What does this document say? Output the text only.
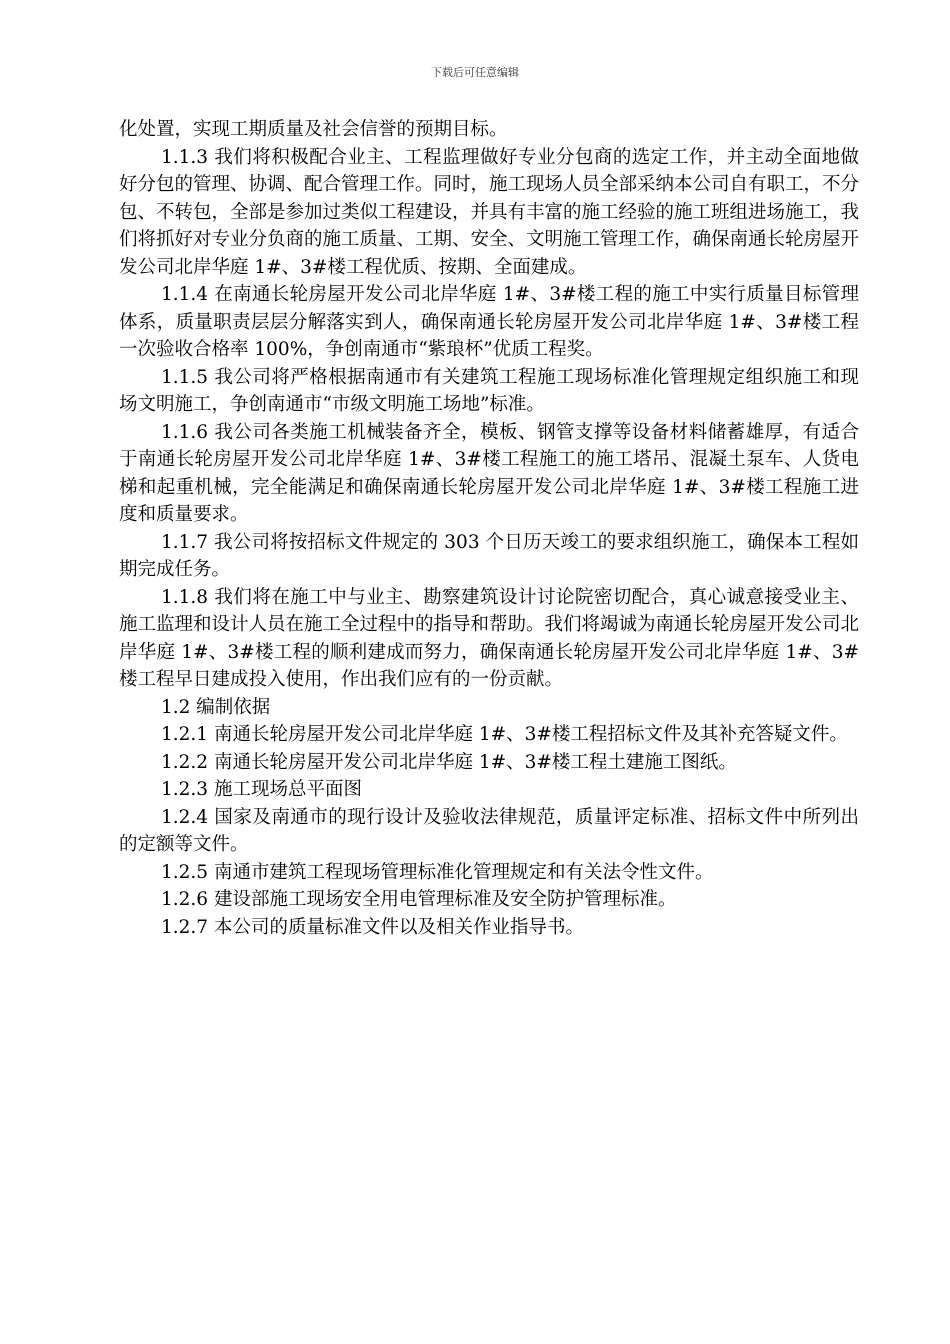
下载后可任意编辑

化处置，实现工期质量及社会信誉的预期目标。

1.1.3 我们将积极配合业主、工程监理做好专业分包商的选定工作，并主动全面地做好分包的管理、协调、配合管理工作。同时，施工现场人员全部采纳本公司自有职工，不分包、不转包，全部是参加过类似工程建设，并具有丰富的施工经验的施工班组进场施工，我们将抓好对专业分负商的施工质量、工期、安全、文明施工管理工作，确保南通长轮房屋开发公司北岸华庭 1#、3#楼工程优质、按期、全面建成。

1.1.4 在南通长轮房屋开发公司北岸华庭 1#、3#楼工程的施工中实行质量目标管理体系，质量职责层层分解落实到人，确保南通长轮房屋开发公司北岸华庭 1#、3#楼工程一次验收合格率 100%，争创南通市“紫琅杯”优质工程奖。

1.1.5 我公司将严格根据南通市有关建筑工程施工现场标准化管理规定组织施工和现场文明施工，争创南通市“市级文明施工场地”标准。

1.1.6 我公司各类施工机械装备齐全，模板、钢管支撑等设备材料储蓄雄厚，有适合于南通长轮房屋开发公司北岸华庭 1#、3#楼工程施工的施工塔吊、混凝土泵车、人货电梯和起重机械，完全能满足和确保南通长轮房屋开发公司北岸华庭 1#、3#楼工程施工进度和质量要求。

1.1.7 我公司将按招标文件规定的 303 个日历天竣工的要求组织施工，确保本工程如期完成任务。

1.1.8 我们将在施工中与业主、勘察建筑设计讨论院密切配合，真心诚意接受业主、施工监理和设计人员在施工全过程中的指导和帮助。我们将竭诚为南通长轮房屋开发公司北岸华庭 1#、3#楼工程的顺利建成而努力，确保南通长轮房屋开发公司北岸华庭 1#、3#楼工程早日建成投入使用，作出我们应有的一份贡献。

1.2 编制依据

1.2.1 南通长轮房屋开发公司北岸华庭 1#、3#楼工程招标文件及其补充答疑文件。

1.2.2 南通长轮房屋开发公司北岸华庭 1#、3#楼工程土建施工图纸。

1.2.3 施工现场总平面图

1.2.4 国家及南通市的现行设计及验收法律规范，质量评定标准、招标文件中所列出的定额等文件。

1.2.5 南通市建筑工程现场管理标准化管理规定和有关法令性文件。

1.2.6 建设部施工现场安全用电管理标准及安全防护管理标准。

1.2.7 本公司的质量标准文件以及相关作业指导书。
